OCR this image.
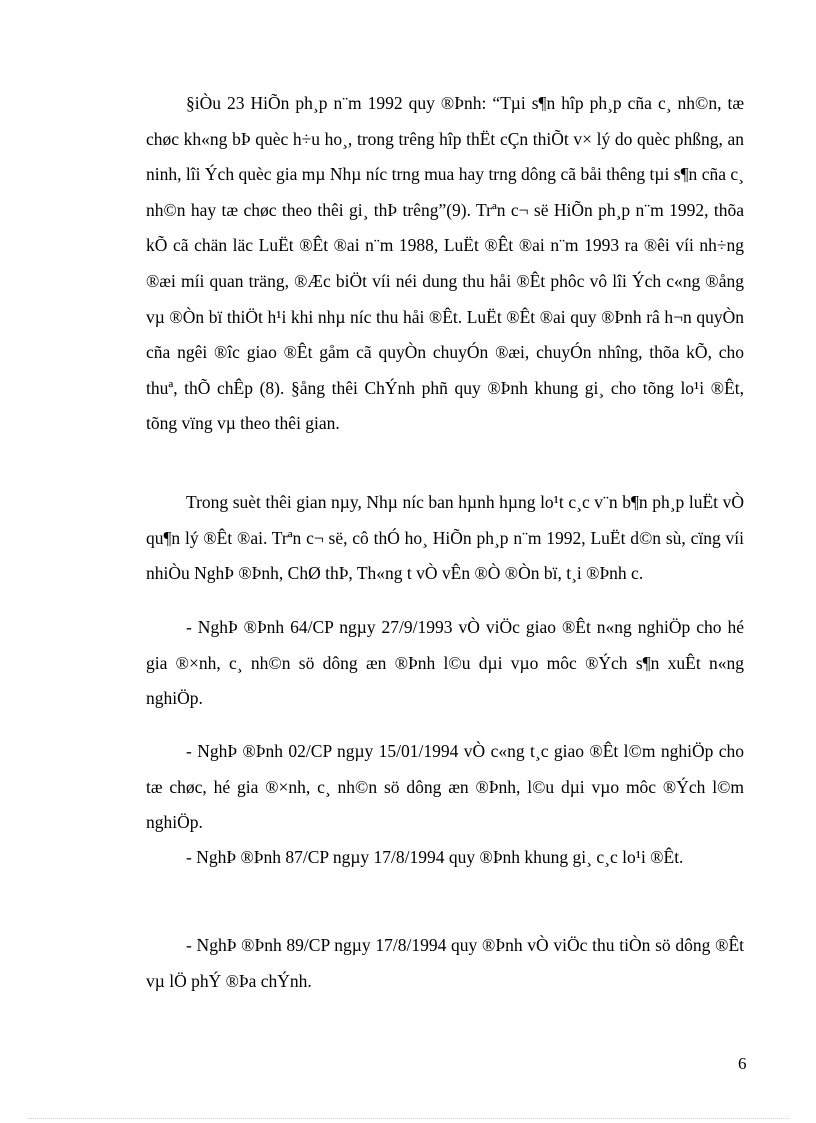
§iÒu 23 HiÕn ph¸p n¨m 1992 quy ®Þnh: “Tµi s¶n hîp ph¸p cña c¸ nh©n, tæ chøc kh«ng bÞ quèc h÷u ho¸, trong trêng hîp thËt cÇn thiÕt v× lý do quèc phßng, an ninh, lîi Ých quèc gia mµ Nhµ níc trng mua hay trng dông cã båi thêng tµi s¶n cña c¸ nh©n hay tæ chøc theo thêi gi¸ thÞ trêng”(9). Trªn c¬ së HiÕn ph¸p n¨m 1992, thõa kÕ cã chän läc LuËt ®Êt ®ai n¨m 1988, LuËt ®Êt ®ai n¨m 1993 ra ®êi víi nh÷ng ®æi míi quan träng, ®Æc biÖt víi néi dung thu håi ®Êt phôc vô lîi Ých c«ng ®ång vµ ®Òn bï thiÖt h¹i khi nhµ níc thu håi ®Êt. LuËt ®Êt ®ai quy ®Þnh râ h¬n quyÒn cña ngêi ®îc giao ®Êt gåm cã quyÒn chuyÓn ®æi, chuyÓn nhîng, thõa kÕ, cho thuª, thÕ chÊp (8). §ång thêi ChÝnh phñ quy ®Þnh khung gi¸ cho tõng lo¹i ®Êt, tõng vïng vµ theo thêi gian.

Trong suèt thêi gian nµy, Nhµ níc ban hµnh hµng lo¹t c¸c v¨n b¶n ph¸p luËt vÒ qu¶n lý ®Êt ®ai. Trªn c¬ së, cô thÓ ho¸ HiÕn ph¸p n¨m 1992, LuËt d©n sù, cïng víi nhiÒu NghÞ ®Þnh, ChØ thÞ, Th«ng t vÒ vÊn ®Ò ®Òn bï, t¸i ®Þnh c.

- NghÞ ®Þnh 64/CP ngµy 27/9/1993 vÒ viÖc giao ®Êt n«ng nghiÖp cho hé gia ®×nh, c¸ nh©n sö dông æn ®Þnh l©u dµi vµo môc ®Ých s¶n xuÊt n«ng nghiÖp.

- NghÞ ®Þnh 02/CP ngµy 15/01/1994 vÒ c«ng t¸c giao ®Êt l©m nghiÖp cho tæ chøc, hé gia ®×nh, c¸ nh©n sö dông æn ®Þnh, l©u dµi vµo môc ®Ých l©m nghiÖp.

- NghÞ ®Þnh 87/CP ngµy 17/8/1994 quy ®Þnh khung gi¸ c¸c lo¹i ®Êt.

- NghÞ ®Þnh 89/CP ngµy 17/8/1994 quy ®Þnh vÒ viÖc thu tiÒn sö dông ®Êt vµ lÖ phÝ ®Þa chÝnh.

6
